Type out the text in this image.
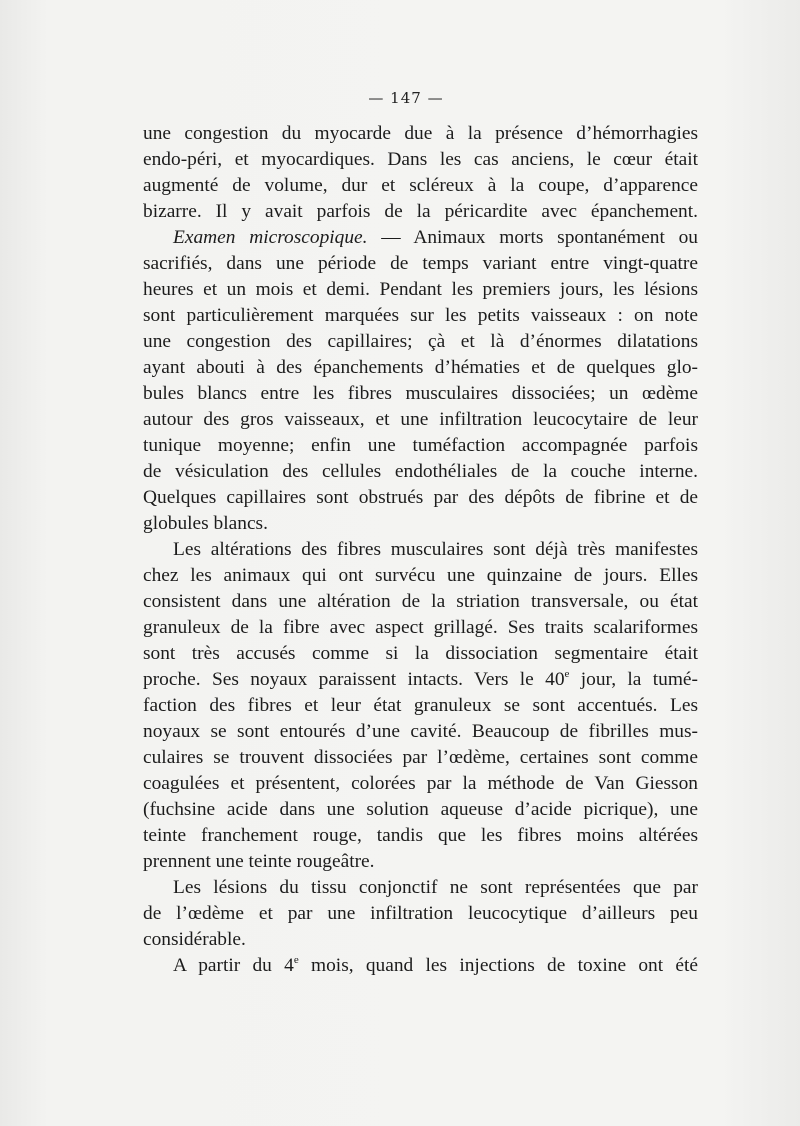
— 147 —
une congestion du myocarde due à la présence d’hémorrhagies
endo-péri, et myocardiques. Dans les cas anciens, le cœur était
augmenté de volume, dur et scléreux à la coupe, d’apparence
bizarre. Il y avait parfois de la péricardite avec épanchement.
Examen microscopique. — Animaux morts spontanément ou
sacrifiés, dans une période de temps variant entre vingt-quatre
heures et un mois et demi. Pendant les premiers jours, les lésions
sont particulièrement marquées sur les petits vaisseaux : on note
une congestion des capillaires; çà et là d’énormes dilatations
ayant abouti à des épanchements d’hématies et de quelques glo-
bules blancs entre les fibres musculaires dissociées; un œdème
autour des gros vaisseaux, et une infiltration leucocytaire de leur
tunique moyenne; enfin une tuméfaction accompagnée parfois
de vésiculation des cellules endothéliales de la couche interne.
Quelques capillaires sont obstrués par des dépôts de fibrine et de
globules blancs.
Les altérations des fibres musculaires sont déjà très manifestes
chez les animaux qui ont survécu une quinzaine de jours. Elles
consistent dans une altération de la striation transversale, ou état
granuleux de la fibre avec aspect grillagé. Ses traits scalariformes
sont très accusés comme si la dissociation segmentaire était
proche. Ses noyaux paraissent intacts. Vers le 40e jour, la tumé-
faction des fibres et leur état granuleux se sont accentués. Les
noyaux se sont entourés d’une cavité. Beaucoup de fibrilles mus-
culaires se trouvent dissociées par l’œdème, certaines sont comme
coagulées et présentent, colorées par la méthode de Van Giesson
(fuchsine acide dans une solution aqueuse d’acide picrique), une
teinte franchement rouge, tandis que les fibres moins altérées
prennent une teinte rougeâtre.
Les lésions du tissu conjonctif ne sont représentées que par
de l’œdème et par une infiltration leucocytique d’ailleurs peu
considérable.
A partir du 4e mois, quand les injections de toxine ont été
